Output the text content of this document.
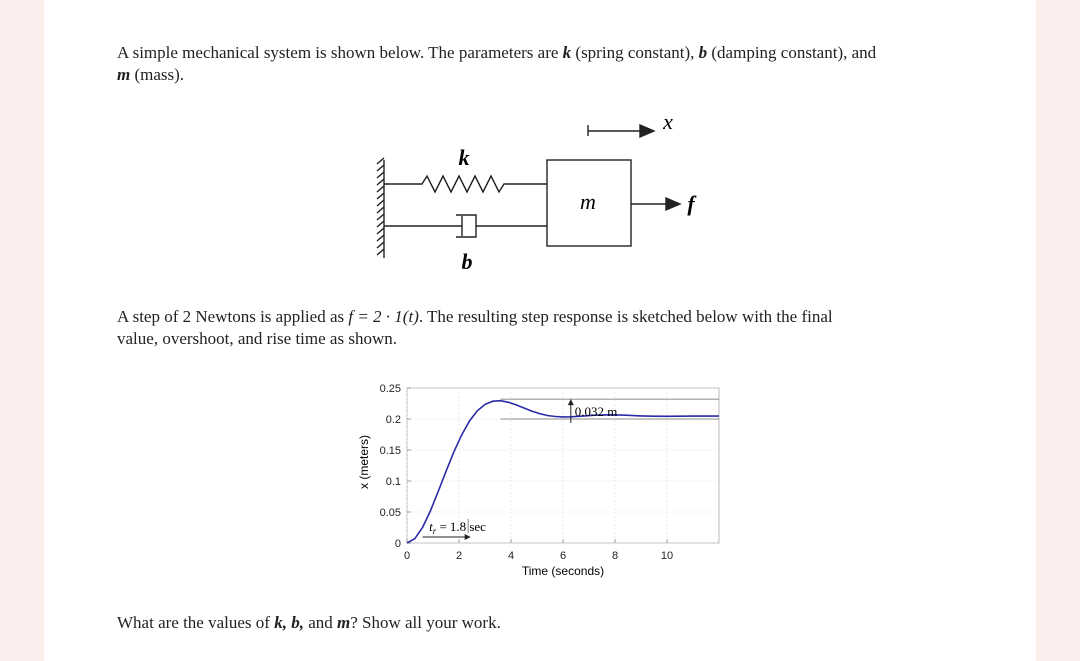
A simple mechanical system is shown below. The parameters are k (spring constant), b (damping constant), and m (mass).
k
b
m
x
f
A step of 2 Newtons is applied as f = 2 · 1(t). The resulting step response is sketched below with the final value, overshoot, and rise time as shown.
0
0.05
0.1
0.15
0.2
0.25
0	2	4	6	8	10
0.032 m
$t_r = 1.8$ sec
Time (seconds)
x (meters)
What are the values of k, b, and m? Show all your work.
